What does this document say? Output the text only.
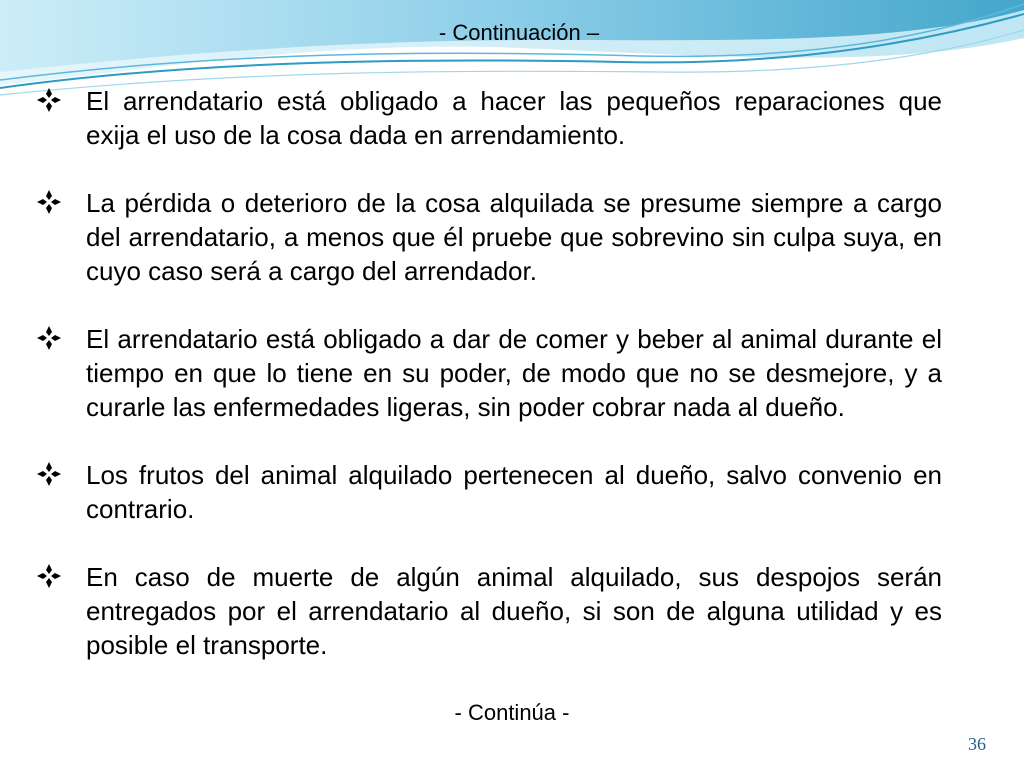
- Continuación –
El arrendatario está obligado a hacer las pequeños reparaciones que exija el uso de la cosa dada en arrendamiento.
La pérdida o deterioro de la cosa alquilada se presume siempre a cargo del arrendatario, a menos que él pruebe que sobrevino sin culpa suya, en cuyo caso será a cargo del arrendador.
El arrendatario está obligado a dar de comer y beber al animal durante el tiempo en que lo tiene en su poder, de modo que no se desmejore, y a curarle las enfermedades ligeras, sin poder cobrar nada al dueño.
Los frutos del animal alquilado pertenecen al dueño, salvo convenio en contrario.
En caso de muerte de algún animal alquilado, sus despojos serán entregados por el arrendatario al dueño, si son de alguna utilidad y es posible el transporte.
- Continúa -
36
